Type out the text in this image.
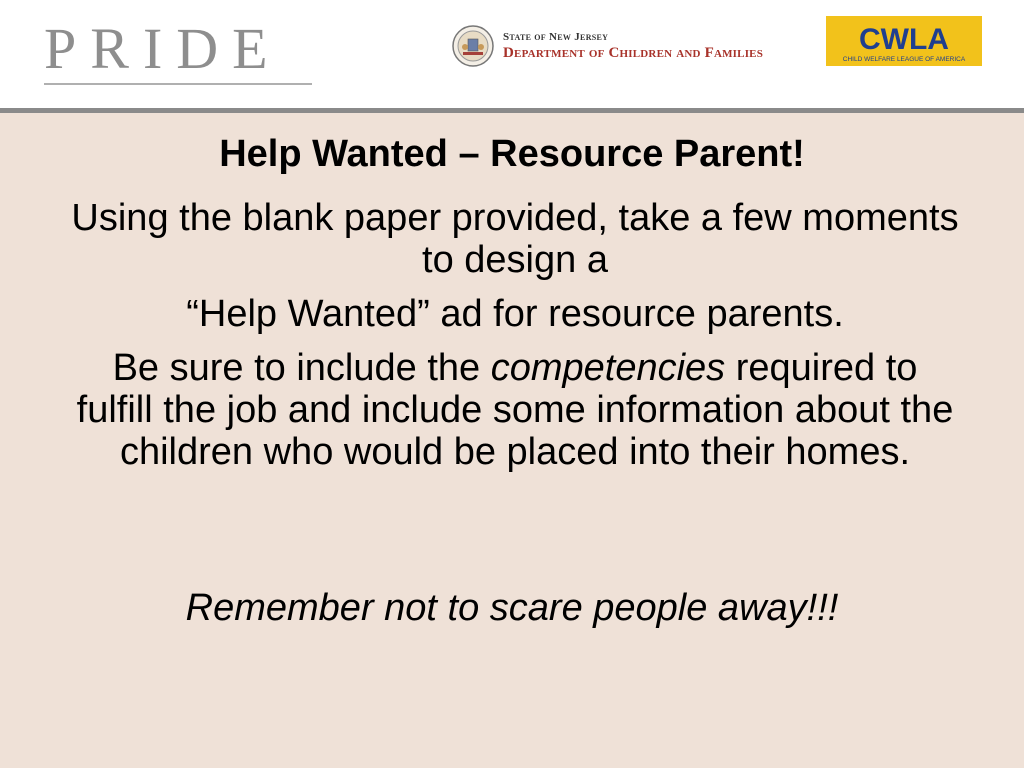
PRIDE	State of New Jersey
Department of Children and Families	CWLA
CHILD WELFARE LEAGUE OF AMERICA
Help Wanted – Resource Parent!

Using the blank paper provided, take a few moments to design a

“Help Wanted” ad for resource parents.

Be sure to include the competencies required to fulfill the job and include some information about the children who would be placed into their homes.

Remember not to scare people away!!!
